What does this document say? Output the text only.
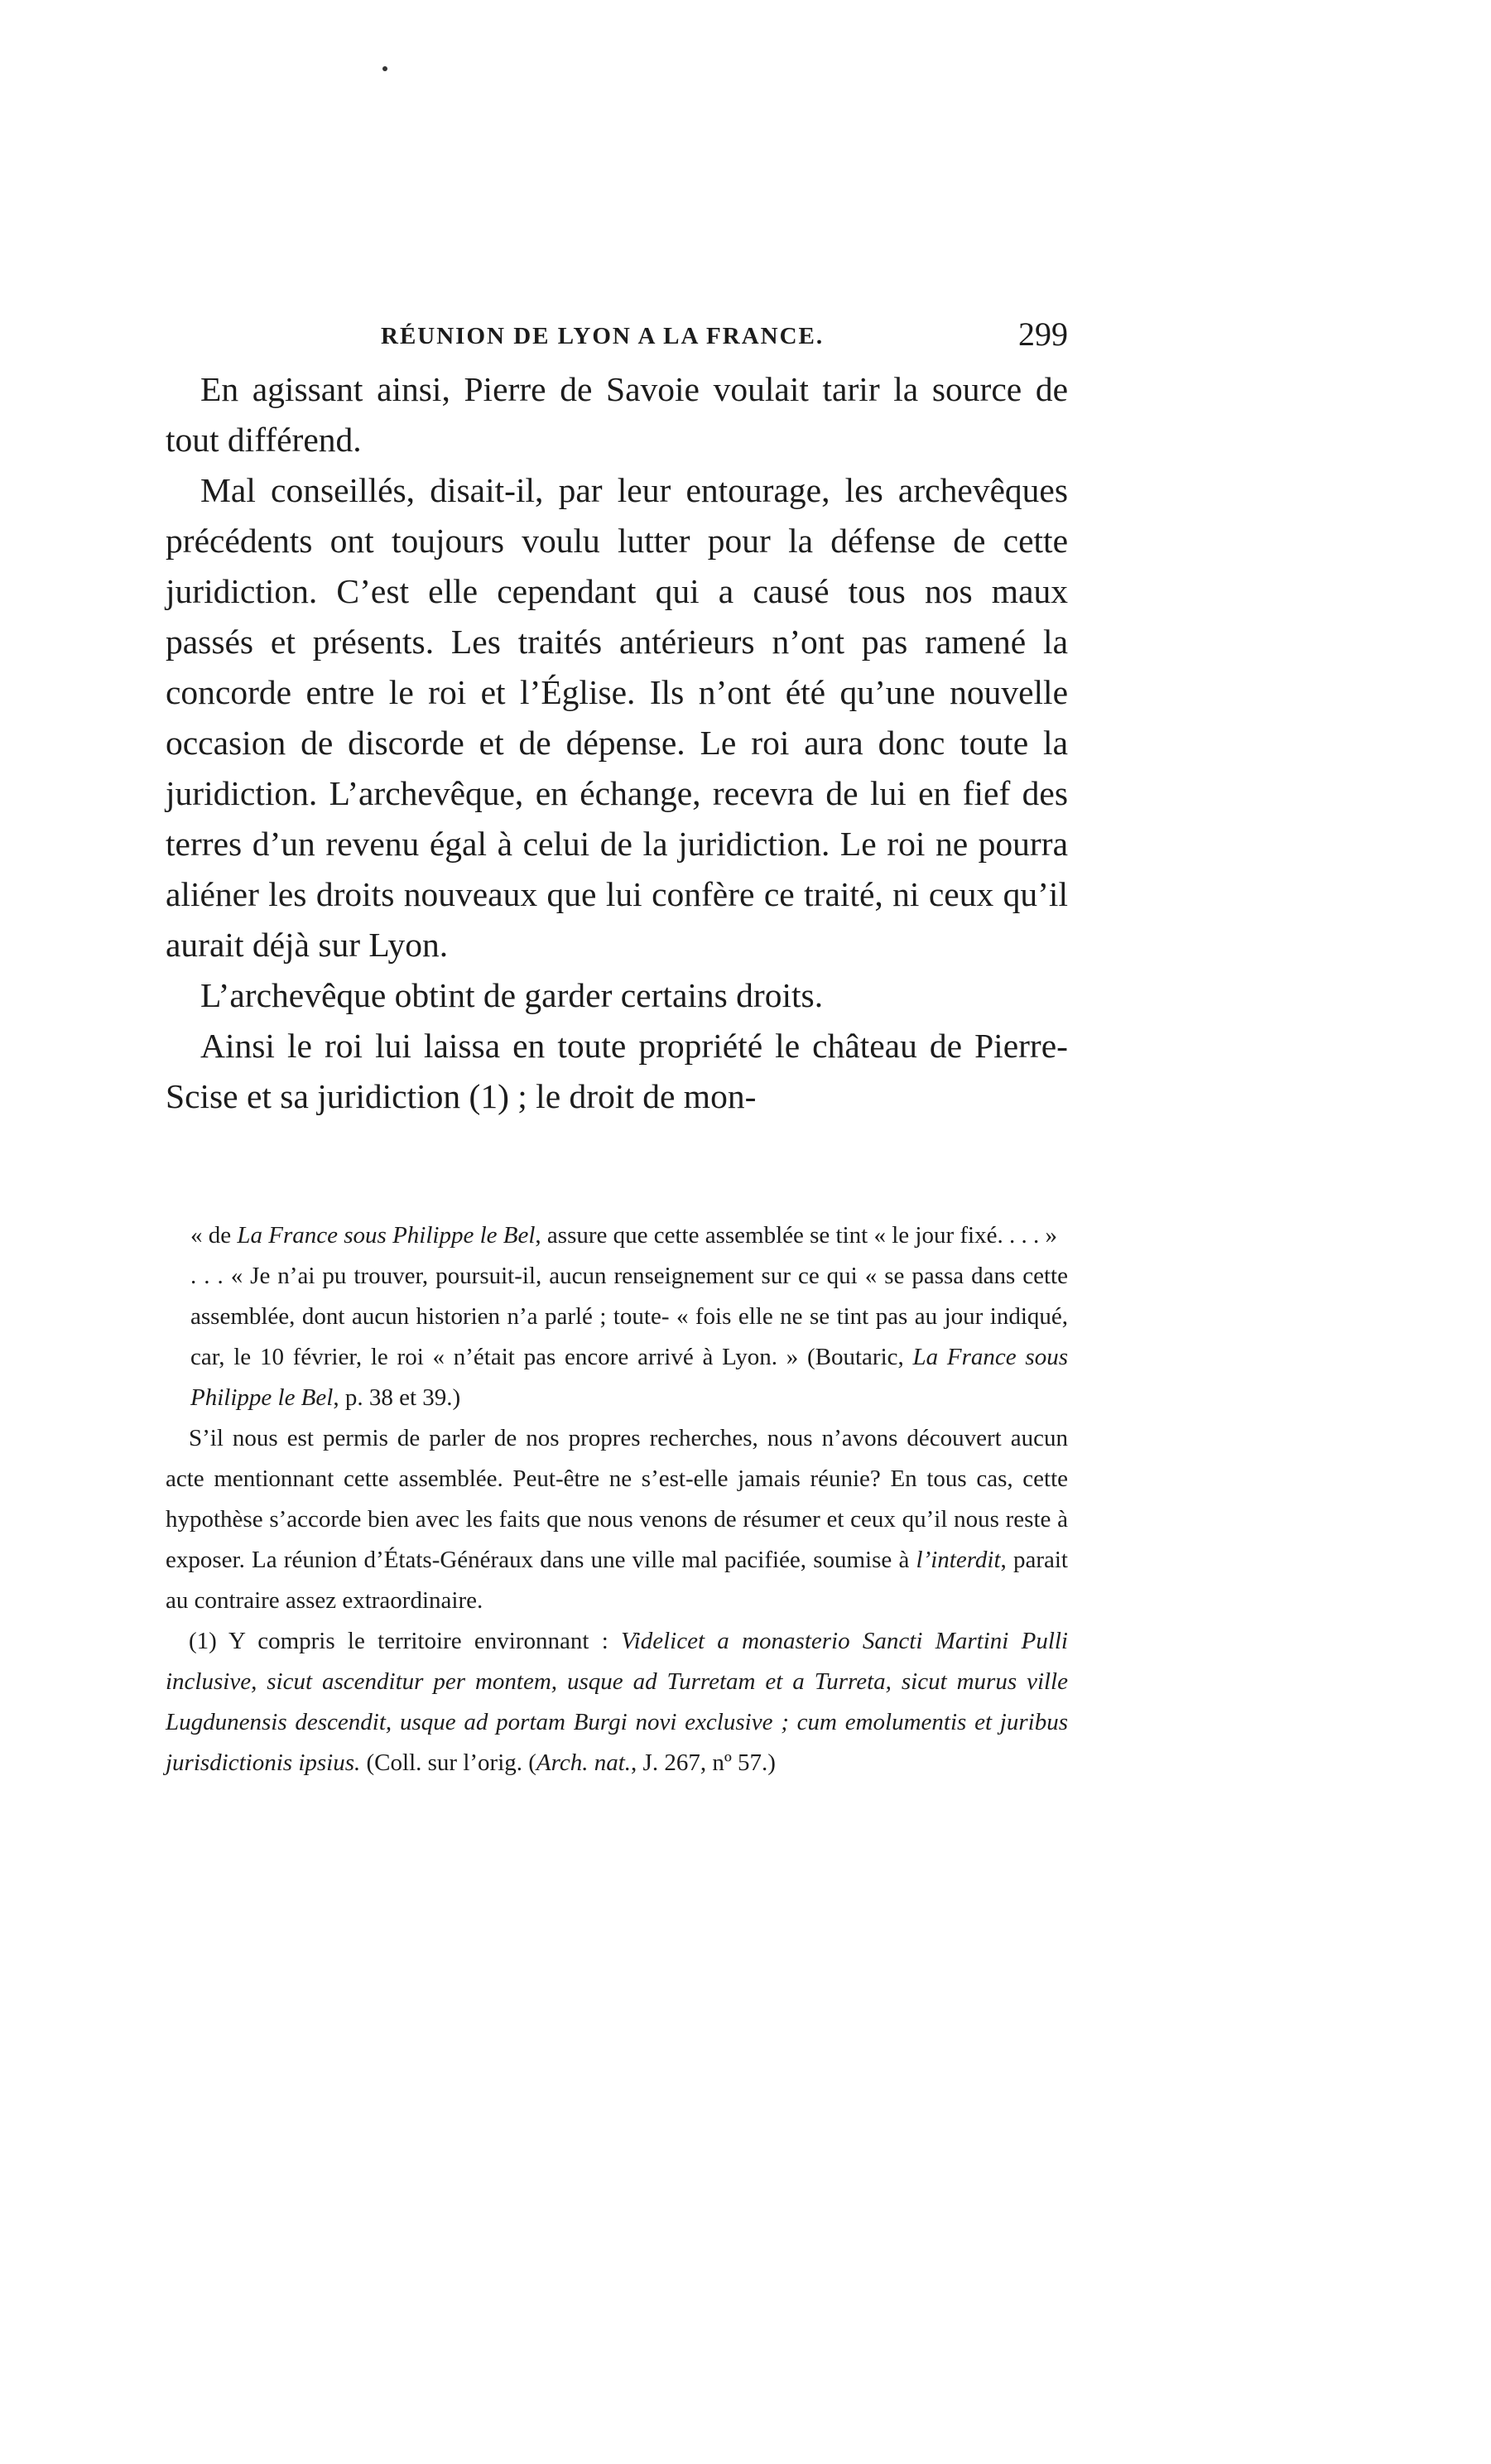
RÉUNION DE LYON A LA FRANCE.	299

En agissant ainsi, Pierre de Savoie voulait tarir la source de tout différend.

Mal conseillés, disait-il, par leur entourage, les archevêques précédents ont toujours voulu lutter pour la défense de cette juridiction. C’est elle cependant qui a causé tous nos maux passés et présents. Les traités antérieurs n’ont pas ramené la concorde entre le roi et l’Église. Ils n’ont été qu’une nouvelle occasion de discorde et de dépense. Le roi aura donc toute la juridiction. L’archevêque, en échange, recevra de lui en fief des terres d’un revenu égal à celui de la juridiction. Le roi ne pourra aliéner les droits nouveaux que lui confère ce traité, ni ceux qu’il aurait déjà sur Lyon.

L’archevêque obtint de garder certains droits.

Ainsi le roi lui laissa en toute propriété le château de Pierre-Scise et sa juridiction (1) ; le droit de mon-

« de La France sous Philippe le Bel, assure que cette assemblée se tint « le jour fixé. . . . »

. . . « Je n’ai pu trouver, poursuit-il, aucun renseignement sur ce qui « se passa dans cette assemblée, dont aucun historien n’a parlé ; toute- « fois elle ne se tint pas au jour indiqué, car, le 10 février, le roi « n’était pas encore arrivé à Lyon. » (Boutaric, La France sous Philippe le Bel, p. 38 et 39.)

S’il nous est permis de parler de nos propres recherches, nous n’avons découvert aucun acte mentionnant cette assemblée. Peut-être ne s’est-elle jamais réunie? En tous cas, cette hypothèse s’accorde bien avec les faits que nous venons de résumer et ceux qu’il nous reste à exposer. La réunion d’États-Généraux dans une ville mal pacifiée, soumise à l’interdit, parait au contraire assez extraordinaire.

(1) Y compris le territoire environnant : Videlicet a monasterio Sancti Martini Pulli inclusive, sicut ascenditur per montem, usque ad Turretam et a Turreta, sicut murus ville Lugdunensis descendit, usque ad portam Burgi novi exclusive ; cum emolumentis et juribus jurisdictionis ipsius. (Coll. sur l’orig. (Arch. nat., J. 267, nº 57.)
